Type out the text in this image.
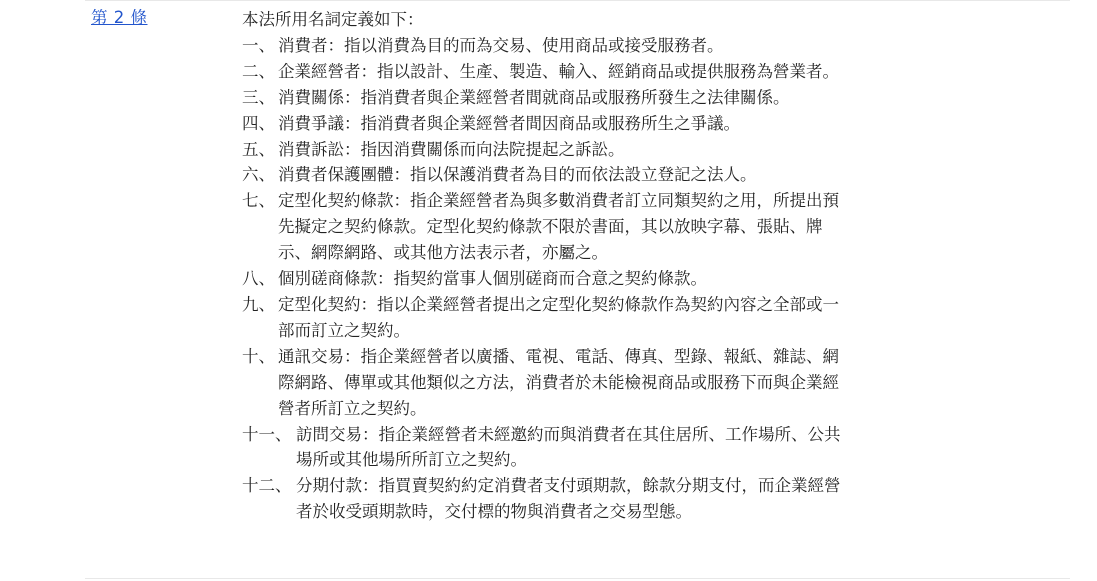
第 2 條	本法所用名詞定義如下：
一、 消費者：指以消費為目的而為交易、使用商品或接受服務者。
二、 企業經營者：指以設計、生產、製造、輸入、經銷商品或提供服務為營業者。
三、 消費關係：指消費者與企業經營者間就商品或服務所發生之法律關係。
四、 消費爭議：指消費者與企業經營者間因商品或服務所生之爭議。
五、 消費訴訟：指因消費關係而向法院提起之訴訟。
六、 消費者保護團體：指以保護消費者為目的而依法設立登記之法人。
七、 定型化契約條款：指企業經營者為與多數消費者訂立同類契約之用，所提出預先擬定之契約條款。定型化契約條款不限於書面，其以放映字幕、張貼、牌示、網際網路、或其他方法表示者，亦屬之。
八、 個別磋商條款：指契約當事人個別磋商而合意之契約條款。
九、 定型化契約：指以企業經營者提出之定型化契約條款作為契約內容之全部或一部而訂立之契約。
十、 通訊交易：指企業經營者以廣播、電視、電話、傳真、型錄、報紙、雜誌、網際網路、傳單或其他類似之方法，消費者於未能檢視商品或服務下而與企業經營者所訂立之契約。
十一、 訪問交易：指企業經營者未經邀約而與消費者在其住居所、工作場所、公共場所或其他場所所訂立之契約。
十二、 分期付款：指買賣契約約定消費者支付頭期款，餘款分期支付，而企業經營者於收受頭期款時，交付標的物與消費者之交易型態。
